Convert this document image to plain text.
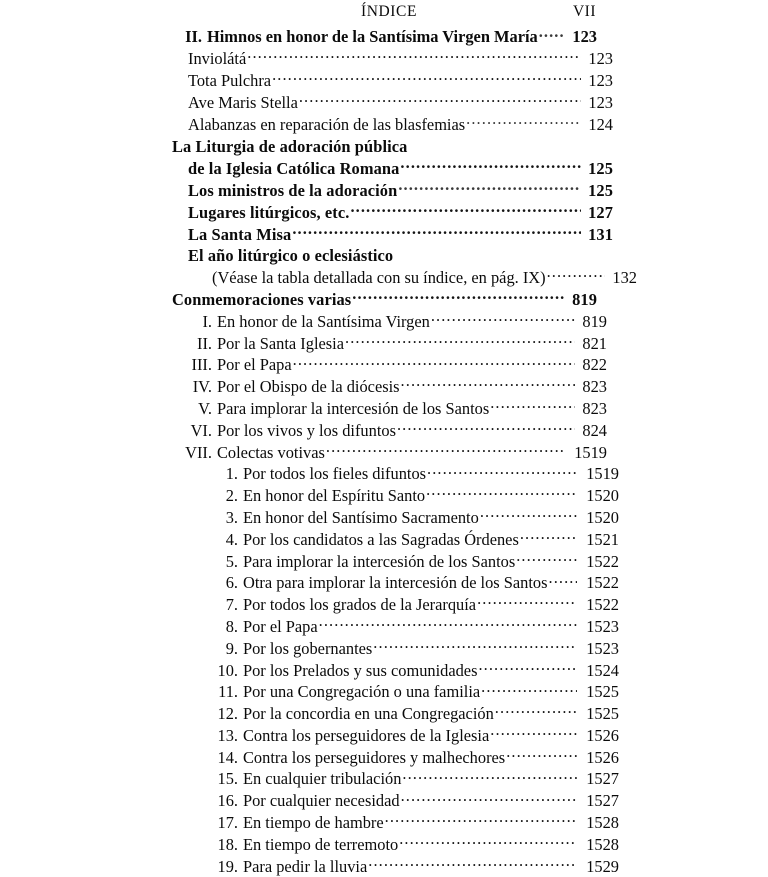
ÍNDICE	VII
II. Himnos en honor de la Santísima Virgen María .....	123
Inviolátá .....	123
Tota Pulchra .....	123
Ave Maris Stella .....	123
Alabanzas en reparación de las blasfemias .....	124
La Liturgia de adoración pública
de la Iglesia Católica Romana .....	125
Los ministros de la adoración .....	125
Lugares litúrgicos, etc. .....	127
La Santa Misa .....	131
El año litúrgico o eclesiástico
(Véase la tabla detallada con su índice, en pág. IX) .....	132
Conmemoraciones varias .....	819
I. En honor de la Santísima Virgen .....	819
II. Por la Santa Iglesia .....	821
III. Por el Papa .....	822
IV. Por el Obispo de la diócesis .....	823
V. Para implorar la intercesión de los Santos .....	823
VI. Por los vivos y los difuntos .....	824
VII. Colectas votivas .....	1519
1. Por todos los fieles difuntos .....	1519
2. En honor del Espíritu Santo .....	1520
3. En honor del Santísimo Sacramento .....	1520
4. Por los candidatos a las Sagradas Órdenes .....	1521
5. Para implorar la intercesión de los Santos .....	1522
6. Otra para implorar la intercesión de los Santos .....	1522
7. Por todos los grados de la Jerarquía .....	1522
8. Por el Papa .....	1523
9. Por los gobernantes .....	1523
10. Por los Prelados y sus comunidades .....	1524
11. Por una Congregación o una familia .....	1525
12. Por la concordia en una Congregación .....	1525
13. Contra los perseguidores de la Iglesia .....	1526
14. Contra los perseguidores y malhechores .....	1526
15. En cualquier tribulación .....	1527
16. Por cualquier necesidad .....	1527
17. En tiempo de hambre .....	1528
18. En tiempo de terremoto .....	1528
19. Para pedir la lluvia .....	1529
